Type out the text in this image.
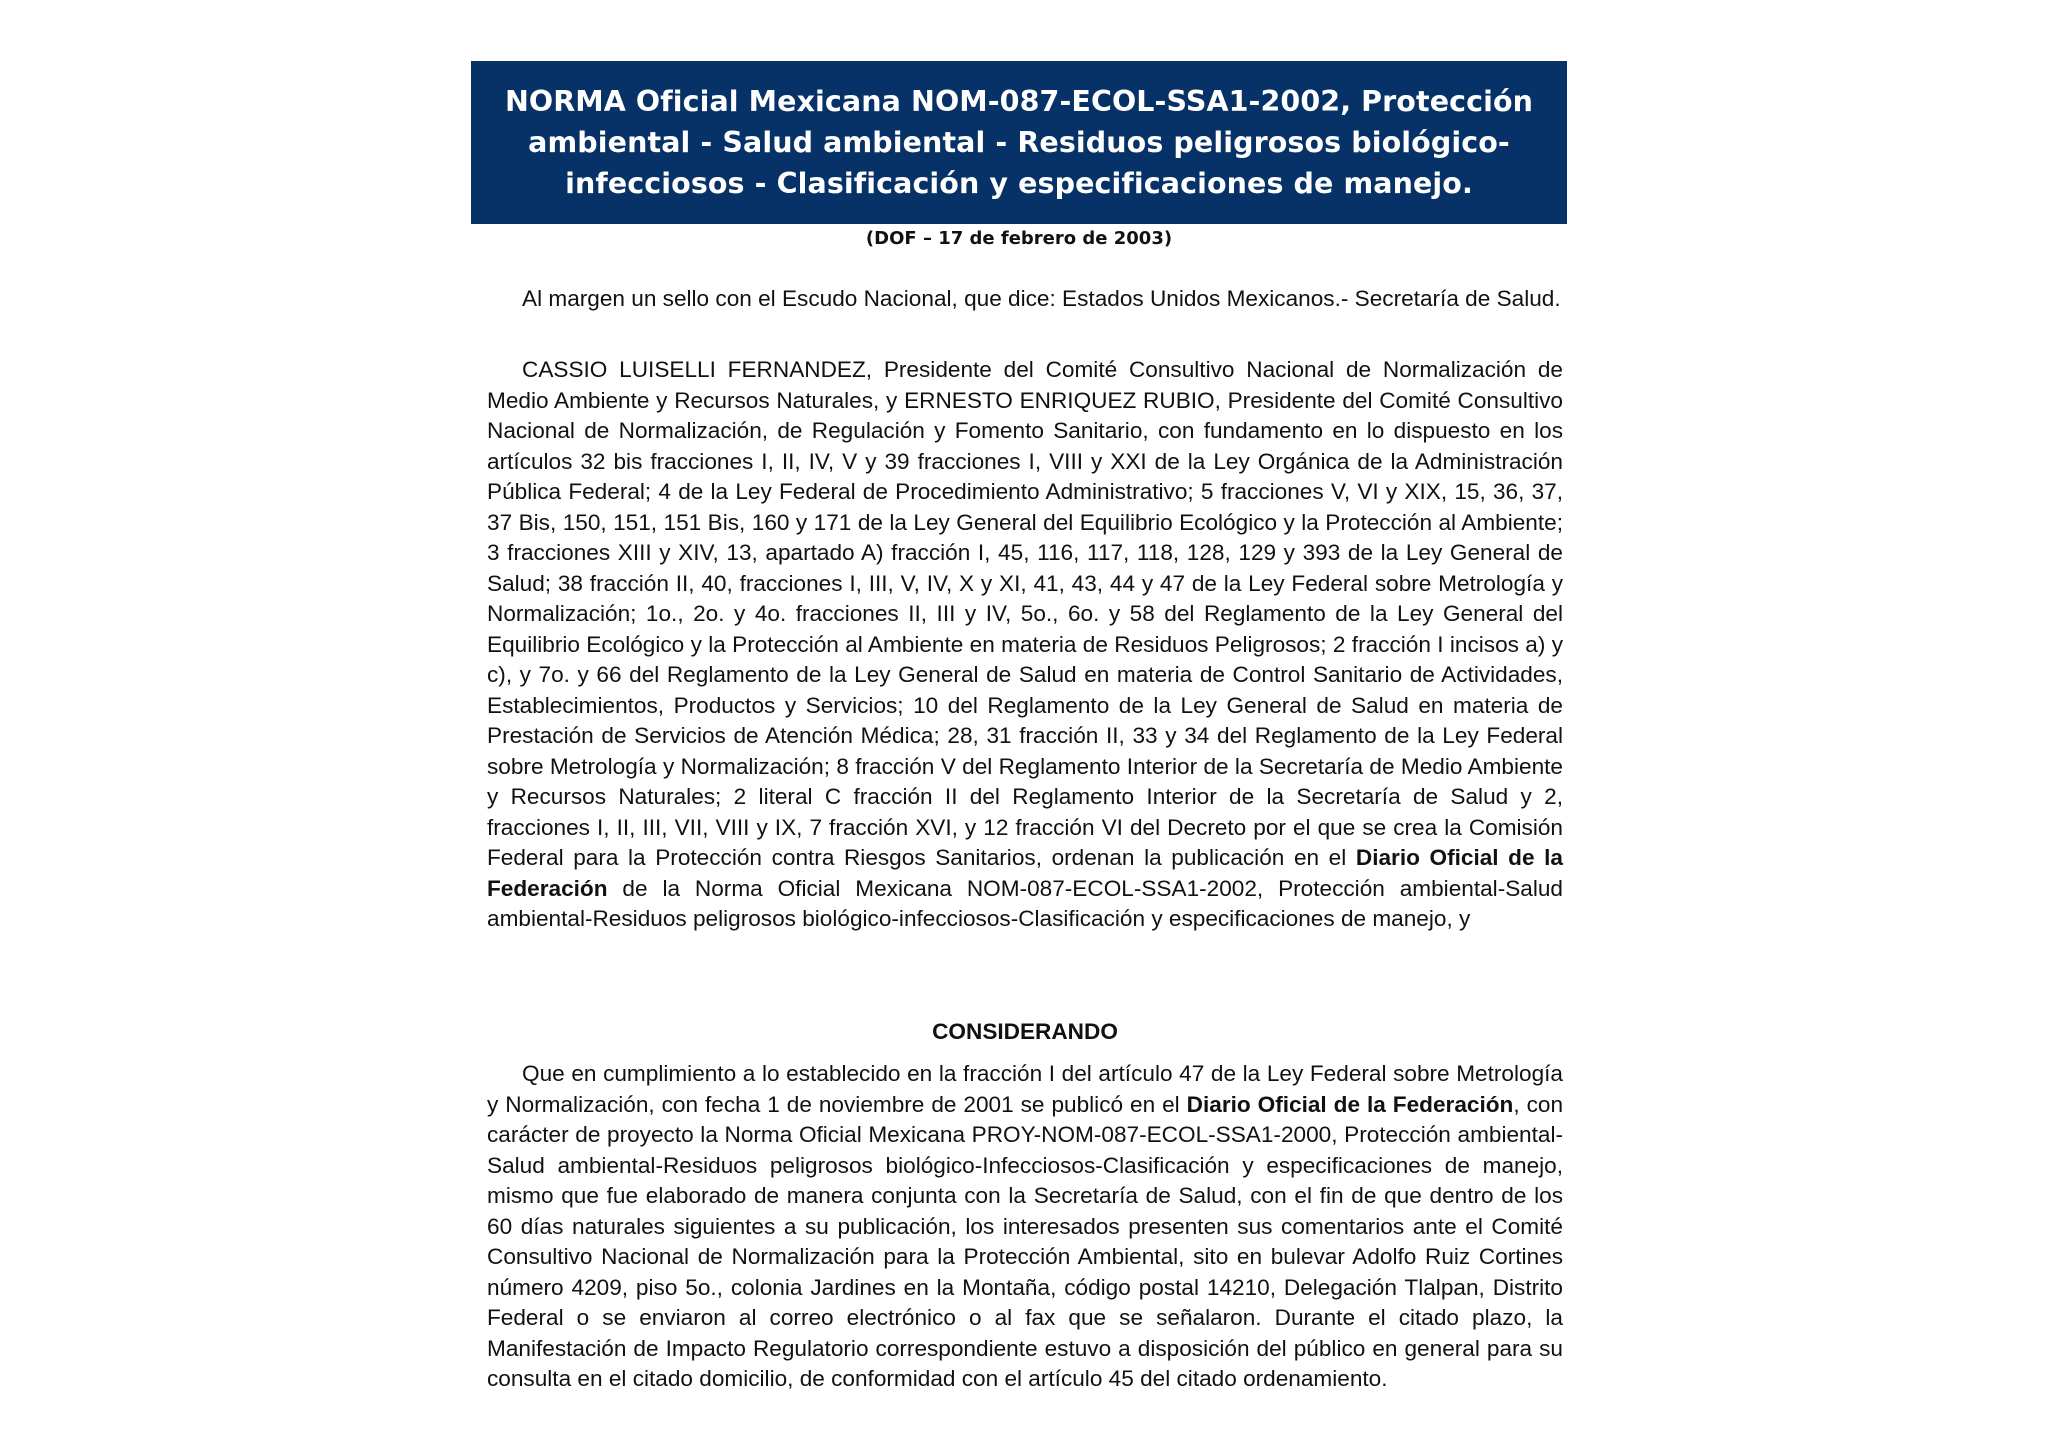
NORMA Oficial Mexicana NOM-087-ECOL-SSA1-2002, Protección ambiental - Salud ambiental - Residuos peligrosos biológico-infecciosos - Clasificación y especificaciones de manejo.
(DOF – 17 de febrero de 2003)

Al margen un sello con el Escudo Nacional, que dice: Estados Unidos Mexicanos.- Secretaría de Salud.

CASSIO LUISELLI FERNANDEZ, Presidente del Comité Consultivo Nacional de Normalización de Medio Ambiente y Recursos Naturales, y ERNESTO ENRIQUEZ RUBIO, Presidente del Comité Consultivo Nacional de Normalización, de Regulación y Fomento Sanitario, con fundamento en lo dispuesto en los artículos 32 bis fracciones I, II, IV, V y 39 fracciones I, VIII y XXI de la Ley Orgánica de la Administración Pública Federal; 4 de la Ley Federal de Procedimiento Administrativo; 5 fracciones V, VI y XIX, 15, 36, 37, 37 Bis, 150, 151, 151 Bis, 160 y 171 de la Ley General del Equilibrio Ecológico y la Protección al Ambiente; 3 fracciones XIII y XIV, 13, apartado A) fracción I, 45, 116, 117, 118, 128, 129 y 393 de la Ley General de Salud; 38 fracción II, 40, fracciones I, III, V, IV, X y XI, 41, 43, 44 y 47 de la Ley Federal sobre Metrología y Normalización; 1o., 2o. y 4o. fracciones II, III y IV, 5o., 6o. y 58 del Reglamento de la Ley General del Equilibrio Ecológico y la Protección al Ambiente en materia de Residuos Peligrosos; 2 fracción I incisos a) y c), y 7o. y 66 del Reglamento de la Ley General de Salud en materia de Control Sanitario de Actividades, Establecimientos, Productos y Servicios; 10 del Reglamento de la Ley General de Salud en materia de Prestación de Servicios de Atención Médica; 28, 31 fracción II, 33 y 34 del Reglamento de la Ley Federal sobre Metrología y Normalización; 8 fracción V del Reglamento Interior de la Secretaría de Medio Ambiente y Recursos Naturales; 2 literal C fracción II del Reglamento Interior de la Secretaría de Salud y 2, fracciones I, II, III, VII, VIII y IX, 7 fracción XVI, y 12 fracción VI del Decreto por el que se crea la Comisión Federal para la Protección contra Riesgos Sanitarios, ordenan la publicación en el Diario Oficial de la Federación de la Norma Oficial Mexicana NOM-087-ECOL-SSA1-2002, Protección ambiental-Salud ambiental-Residuos peligrosos biológico-infecciosos-Clasificación y especificaciones de manejo, y

CONSIDERANDO

Que en cumplimiento a lo establecido en la fracción I del artículo 47 de la Ley Federal sobre Metrología y Normalización, con fecha 1 de noviembre de 2001 se publicó en el Diario Oficial de la Federación, con carácter de proyecto la Norma Oficial Mexicana PROY-NOM-087-ECOL-SSA1-2000, Protección ambiental- Salud ambiental-Residuos peligrosos biológico-Infecciosos-Clasificación y especificaciones de manejo, mismo que fue elaborado de manera conjunta con la Secretaría de Salud, con el fin de que dentro de los 60 días naturales siguientes a su publicación, los interesados presenten sus comentarios ante el Comité Consultivo Nacional de Normalización para la Protección Ambiental, sito en bulevar Adolfo Ruiz Cortines número 4209, piso 5o., colonia Jardines en la Montaña, código postal 14210, Delegación Tlalpan, Distrito Federal o se enviaron al correo electrónico o al fax que se señalaron. Durante el citado plazo, la Manifestación de Impacto Regulatorio correspondiente estuvo a disposición del público en general para su consulta en el citado domicilio, de conformidad con el artículo 45 del citado ordenamiento.
